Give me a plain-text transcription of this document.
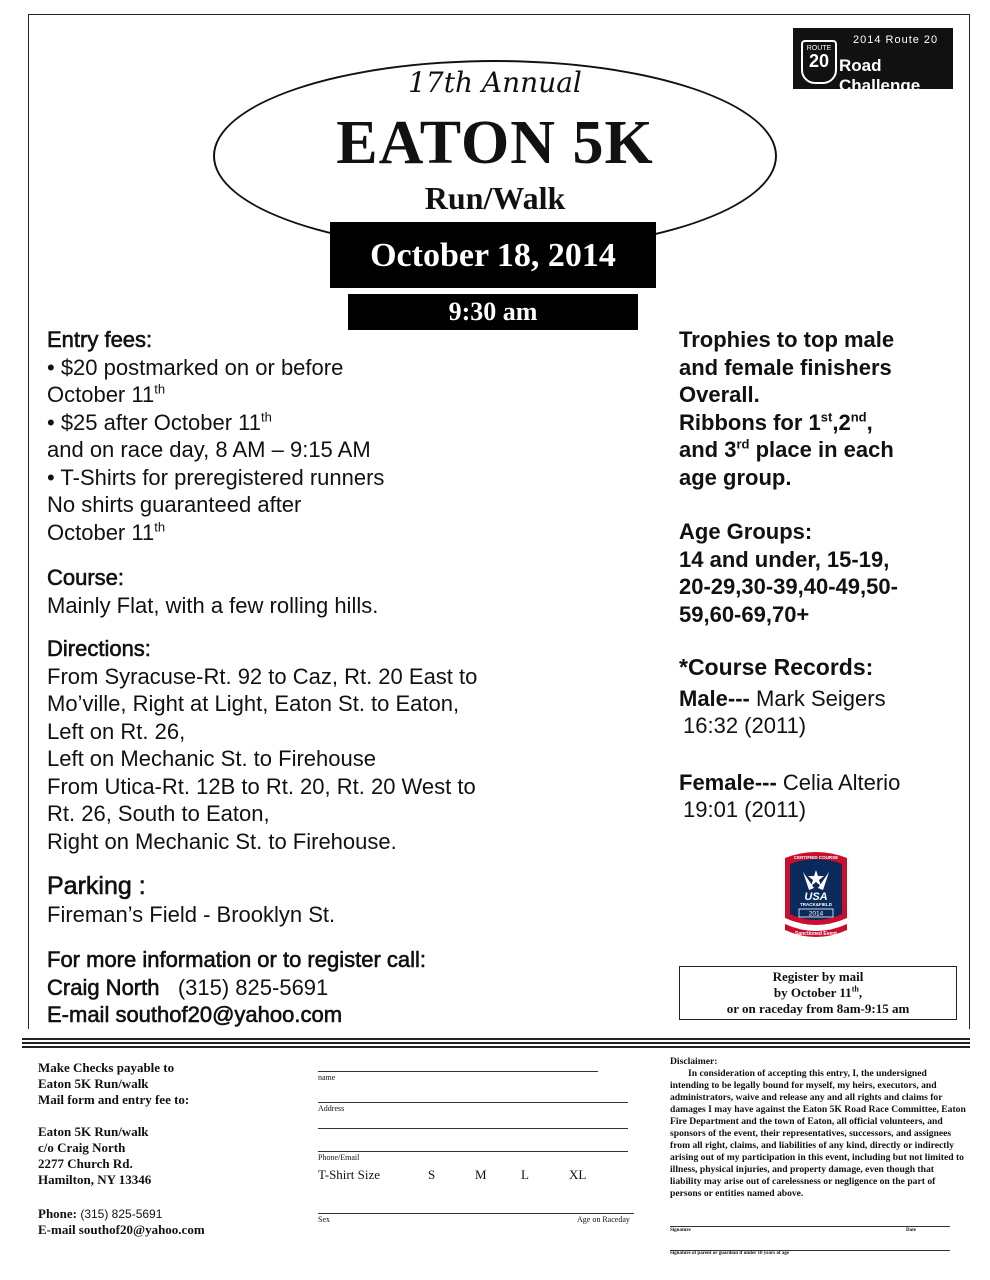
17th Annual
EATON 5K
Run/Walk
October 18, 2014
9:30 am
2014 Route 20
ROUTE
20 Road Challenge

Entry fees:

• $20 postmarked on or before

October 11th

• $25 after October 11th

and on race day, 8 AM – 9:15 AM

• T-Shirts for preregistered runners

No shirts guaranteed after

October 11th

Course:

Mainly Flat, with a few rolling hills.

Directions:

From Syracuse-Rt. 92 to Caz, Rt. 20 East to

Mo’ville, Right at Light, Eaton St. to Eaton,

Left on Rt. 26,

Left on Mechanic St. to Firehouse

From Utica-Rt. 12B to Rt. 20, Rt. 20 West to

Rt. 26, South to Eaton,

Right on Mechanic St. to Firehouse.

Parking :

Fireman’s Field - Brooklyn St.

For more information or to register call:

Craig North (315) 825-5691

E-mail southof20@yahoo.com

Trophies to top male

and female finishers

Overall.

Ribbons for 1st,2nd,

and 3rd place in each

age group.

Age Groups:

14 and under, 15-19,

20-29,30-39,40-49,50-

59,60-69,70+

*Course Records:

Male--- Mark Seigers

16:32 (2011)

Female--- Celia Alterio

19:01 (2011)

CERTIFIED COURSE
USA
TRACK&FIELD
2014
Sanctioned Event
Register by mail
by October 11th,
or on raceday from 8am-9:15 am

Make Checks payable to

Eaton 5K Run/walk

Mail form and entry fee to:

Eaton 5K Run/walk

c/o Craig North

2277 Church Rd.

Hamilton, NY 13346

Phone: (315) 825-5691

E-mail southof20@yahoo.com

name
Address
Phone/Email
T-Shirt Size	S	M	L	XL
Sex	Age on Raceday

Disclaimer:

In consideration of accepting this entry, I, the undersigned intending to be legally bound for myself, my heirs, executors, and administrators, waive and release any and all rights and claims for damages I may have against the Eaton 5K Road Race Committee, Eaton Fire Department and the town of Eaton, all official volunteers, and sponsors of the event, their representatives, successors, and assignees from all right, claims, and liabilities of any kind, directly or indirectly arising out of my participation in this event, including but not limited to illness, physical injuries, and property damage, even though that liability may arise out of carelessness or negligence on the part of persons or entities named above.

Signature	Date
Signature of parent or guardian if under 18 years of age
